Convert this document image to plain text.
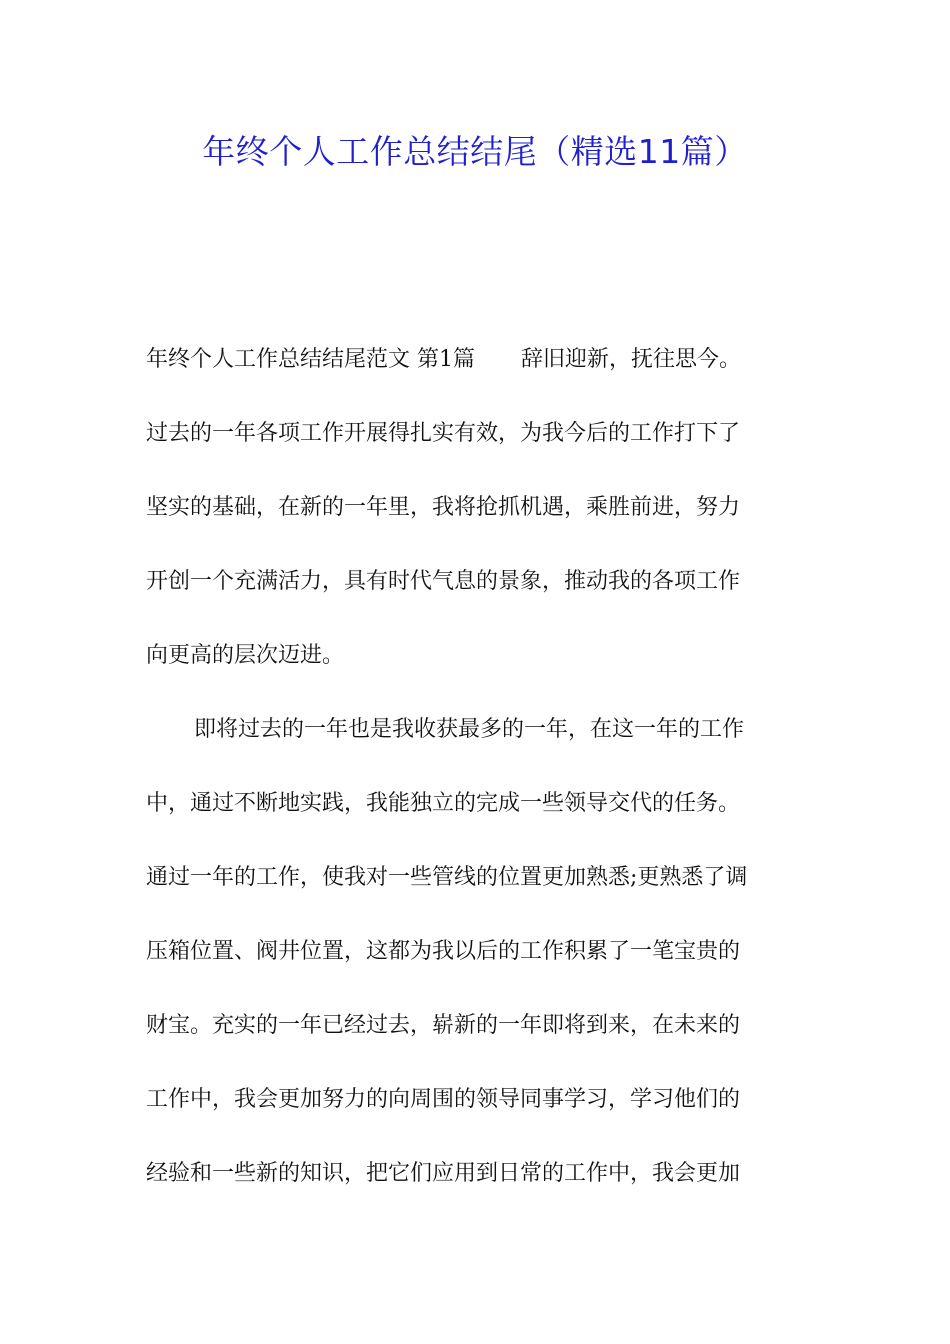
年终个人工作总结结尾（精选11篇）
年终个人工作总结结尾范文 第1篇 辞旧迎新，抚往思今。
过去的一年各项工作开展得扎实有效，为我今后的工作打下了
坚实的基础，在新的一年里，我将抢抓机遇，乘胜前进，努力
开创一个充满活力，具有时代气息的景象，推动我的各项工作
向更高的层次迈进。
即将过去的一年也是我收获最多的一年，在这一年的工作
中，通过不断地实践，我能独立的完成一些领导交代的任务。
通过一年的工作，使我对一些管线的位置更加熟悉;更熟悉了调
压箱位置、阀井位置，这都为我以后的工作积累了一笔宝贵的
财宝。充实的一年已经过去，崭新的一年即将到来，在未来的
工作中，我会更加努力的向周围的领导同事学习，学习他们的
经验和一些新的知识，把它们应用到日常的工作中，我会更加
